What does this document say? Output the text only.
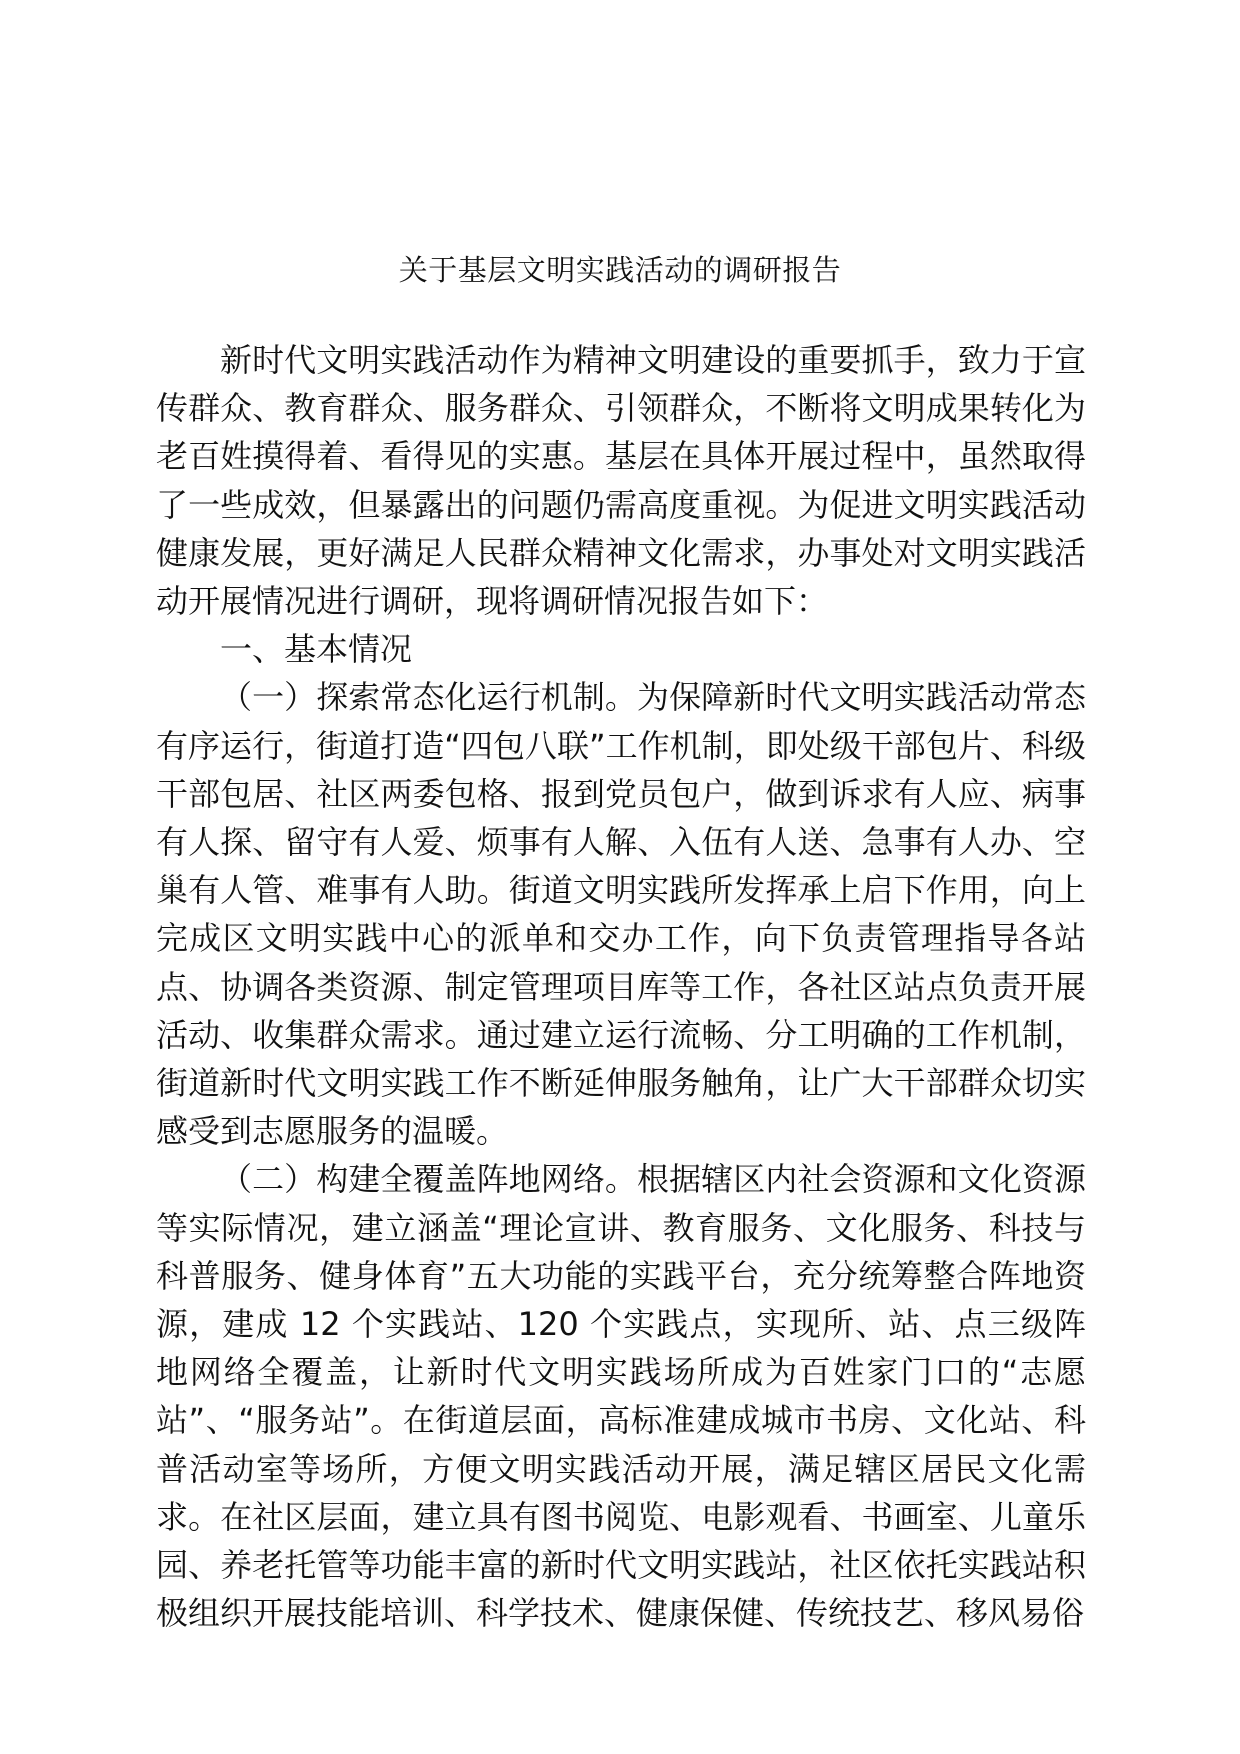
关于基层文明实践活动的调研报告

新时代文明实践活动作为精神文明建设的重要抓手，致力于宣传群众、教育群众、服务群众、引领群众，不断将文明成果转化为老百姓摸得着、看得见的实惠。基层在具体开展过程中，虽然取得了一些成效，但暴露出的问题仍需高度重视。为促进文明实践活动健康发展，更好满足人民群众精神文化需求，办事处对文明实践活动开展情况进行调研，现将调研情况报告如下：

一、基本情况

（一）探索常态化运行机制。为保障新时代文明实践活动常态有序运行，街道打造“四包八联”工作机制，即处级干部包片、科级干部包居、社区两委包格、报到党员包户，做到诉求有人应、病事有人探、留守有人爱、烦事有人解、入伍有人送、急事有人办、空巢有人管、难事有人助。街道文明实践所发挥承上启下作用，向上完成区文明实践中心的派单和交办工作，向下负责管理指导各站点、协调各类资源、制定管理项目库等工作，各社区站点负责开展活动、收集群众需求。通过建立运行流畅、分工明确的工作机制，街道新时代文明实践工作不断延伸服务触角，让广大干部群众切实感受到志愿服务的温暖。

（二）构建全覆盖阵地网络。根据辖区内社会资源和文化资源等实际情况，建立涵盖“理论宣讲、教育服务、文化服务、科技与科普服务、健身体育”五大功能的实践平台，充分统筹整合阵地资源，建成 12 个实践站、120 个实践点，实现所、站、点三级阵地网络全覆盖，让新时代文明实践场所成为百姓家门口的“志愿站”、“服务站”。在街道层面，高标准建成城市书房、文化站、科普活动室等场所，方便文明实践活动开展，满足辖区居民文化需求。在社区层面，建立具有图书阅览、电影观看、书画室、儿童乐园、养老托管等功能丰富的新时代文明实践站，社区依托实践站积极组织开展技能培训、科学技术、健康保健、传统技艺、移风易俗
